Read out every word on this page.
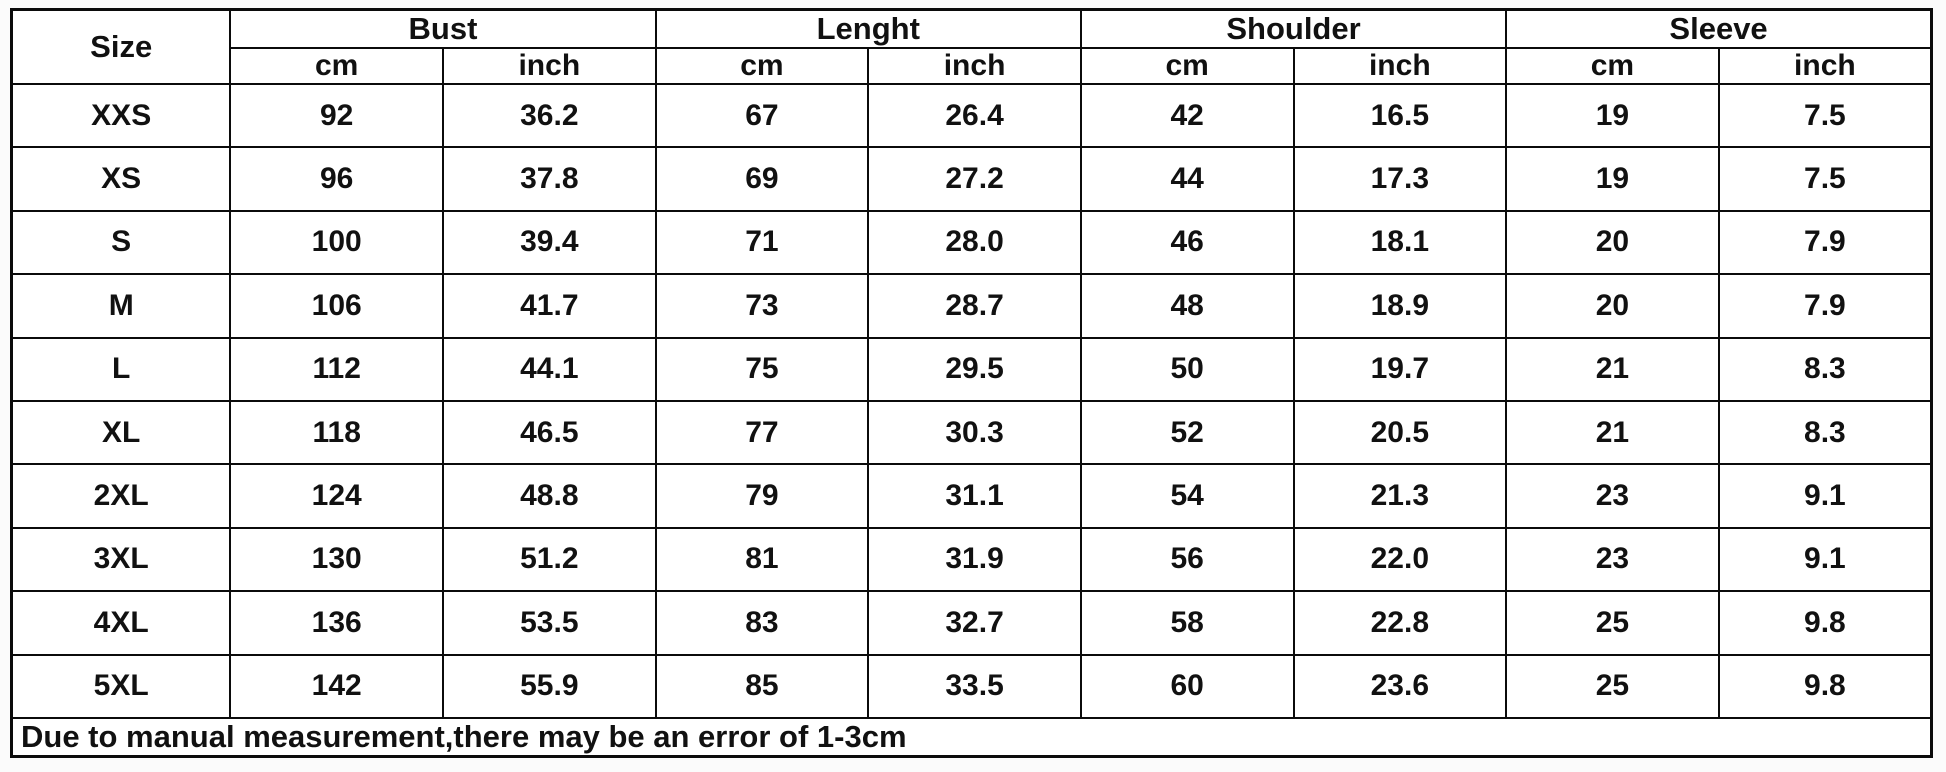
Size	Bust		Lenght		Shoulder		Sleeve	
	cm	inch	cm	inch	cm	inch	cm	inch
XXS	92	36.2	67	26.4	42	16.5	19	7.5
XS	96	37.8	69	27.2	44	17.3	19	7.5
S	100	39.4	71	28.0	46	18.1	20	7.9
M	106	41.7	73	28.7	48	18.9	20	7.9
L	112	44.1	75	29.5	50	19.7	21	8.3
XL	118	46.5	77	30.3	52	20.5	21	8.3
2XL	124	48.8	79	31.1	54	21.3	23	9.1
3XL	130	51.2	81	31.9	56	22.0	23	9.1
4XL	136	53.5	83	32.7	58	22.8	25	9.8
5XL	142	55.9	85	33.5	60	23.6	25	9.8
Due to manual measurement,there may be an error of 1-3cm								
